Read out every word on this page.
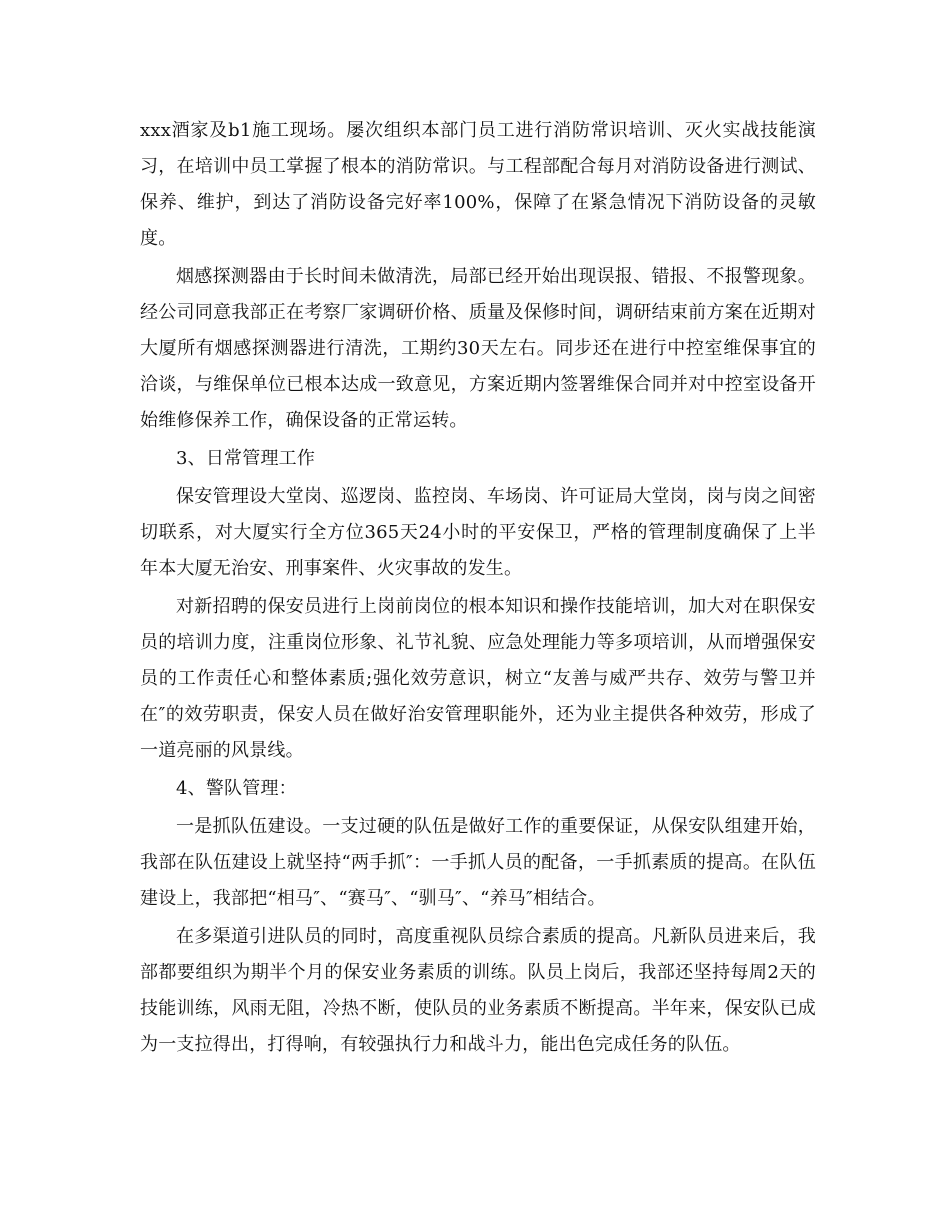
xxx酒家及b1施工现场。屡次组织本部门员工进行消防常识培训、灭火实战技能演习，在培训中员工掌握了根本的消防常识。与工程部配合每月对消防设备进行测试、保养、维护，到达了消防设备完好率100%，保障了在紧急情况下消防设备的灵敏度。

烟感探测器由于长时间未做清洗，局部已经开始出现误报、错报、不报警现象。经公司同意我部正在考察厂家调研价格、质量及保修时间，调研结束前方案在近期对大厦所有烟感探测器进行清洗，工期约30天左右。同步还在进行中控室维保事宜的洽谈，与维保单位已根本达成一致意见，方案近期内签署维保合同并对中控室设备开始维修保养工作，确保设备的正常运转。

3、日常管理工作

保安管理设大堂岗、巡逻岗、监控岗、车场岗、许可证局大堂岗，岗与岗之间密切联系，对大厦实行全方位365天24小时的平安保卫，严格的管理制度确保了上半年本大厦无治安、刑事案件、火灾事故的发生。

对新招聘的保安员进行上岗前岗位的根本知识和操作技能培训，加大对在职保安员的培训力度，注重岗位形象、礼节礼貌、应急处理能力等多项培训，从而增强保安员的工作责任心和整体素质;强化效劳意识，树立“友善与威严共存、效劳与警卫并在″的效劳职责，保安人员在做好治安管理职能外，还为业主提供各种效劳，形成了一道亮丽的风景线。

4、警队管理：

一是抓队伍建设。一支过硬的队伍是做好工作的重要保证，从保安队组建开始，我部在队伍建设上就坚持“两手抓″：一手抓人员的配备，一手抓素质的提高。在队伍建设上，我部把“相马″、“赛马″、“驯马″、“养马″相结合。

在多渠道引进队员的同时，高度重视队员综合素质的提高。凡新队员进来后，我部都要组织为期半个月的保安业务素质的训练。队员上岗后，我部还坚持每周2天的技能训练，风雨无阻，冷热不断，使队员的业务素质不断提高。半年来，保安队已成为一支拉得出，打得响，有较强执行力和战斗力，能出色完成任务的队伍。
